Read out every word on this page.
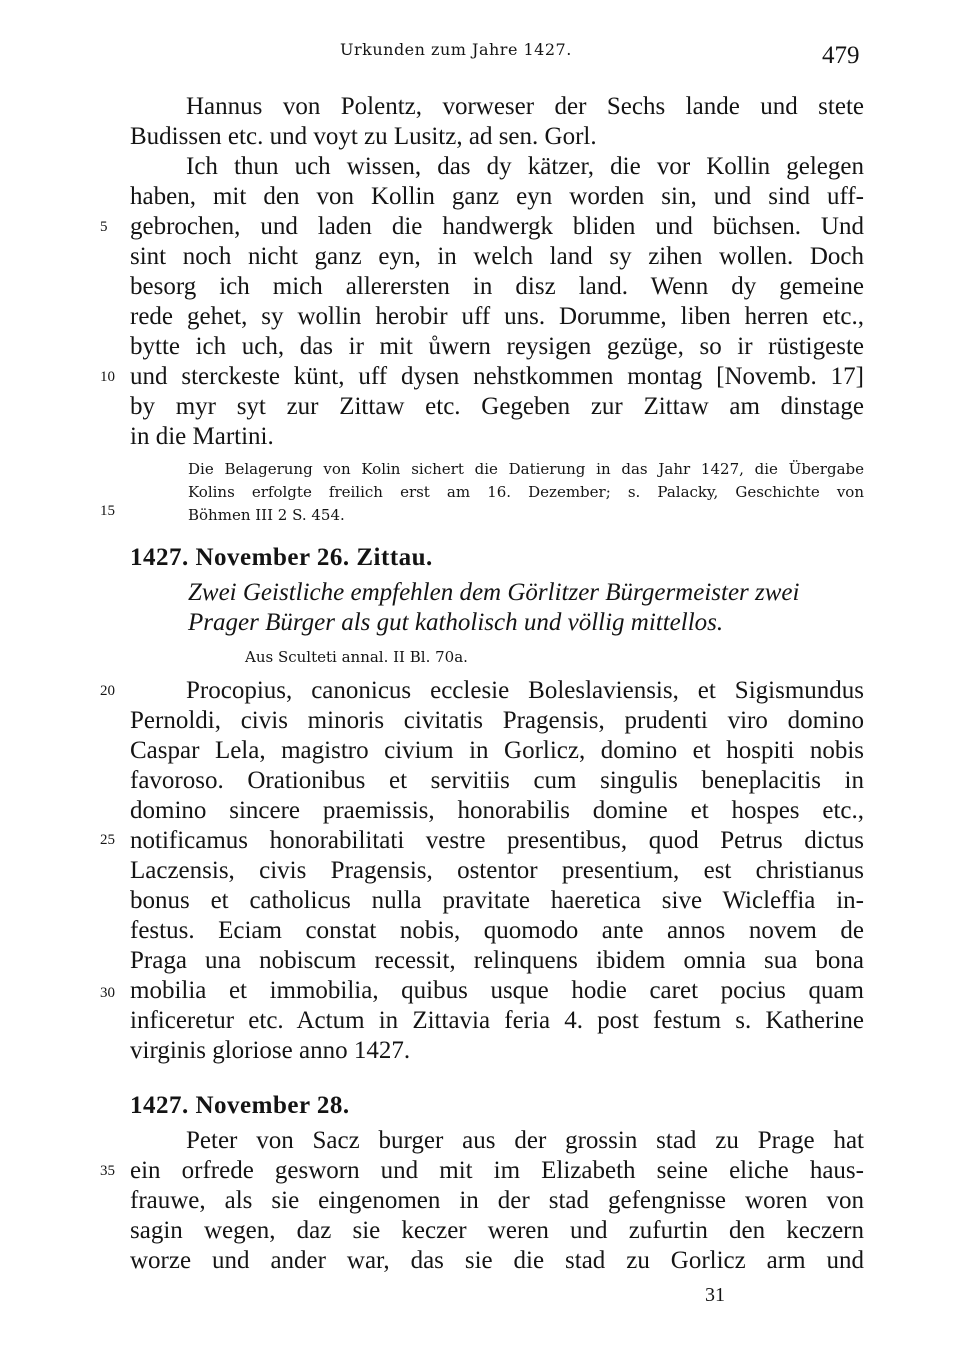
Urkunden zum Jahre 1427.	479
Hannus von Polentz, vorweser der Sechs lande und stete
Budissen etc. und voyt zu Lusitz, ad sen. Gorl.
Ich thun uch wissen, das dy kätzer, die vor Kollin gelegen
haben, mit den von Kollin ganz eyn worden sin, und sind uff-
gebrochen, und laden die handwergk bliden und büchsen. Und
sint noch nicht ganz eyn, in welch land sy zihen wollen. Doch
besorg ich mich allerersten in disz land. Wenn dy gemeine
rede gehet, sy wollin herobir uff uns. Dorumme, liben herren etc.,
bytte ich uch, das ir mit ůwern reysigen gezüge, so ir rüstigeste
und sterckeste künt, uff dysen nehstkommen montag [Novemb. 17]
by myr syt zur Zittaw etc. Gegeben zur Zittaw am dinstage
in die Martini.
Die Belagerung von Kolin sichert die Datierung in das Jahr 1427, die Übergabe
Kolins erfolgte freilich erst am 16. Dezember; s. Palacky, Geschichte von
Böhmen III 2 S. 454.
5
10
15
20
25
30
35
1427. November 26. Zittau.
Zwei Geistliche empfehlen dem Görlitzer Bürgermeister zwei
Prager Bürger als gut katholisch und völlig mittellos.
Aus Sculteti annal. II Bl. 70a.
Procopius, canonicus ecclesie Boleslaviensis, et Sigismundus
Pernoldi, civis minoris civitatis Pragensis, prudenti viro domino
Caspar Lela, magistro civium in Gorlicz, domino et hospiti nobis
favoroso. Orationibus et servitiis cum singulis beneplacitis in
domino sincere praemissis, honorabilis domine et hospes etc.,
notificamus honorabilitati vestre presentibus, quod Petrus dictus
Laczensis, civis Pragensis, ostentor presentium, est christianus
bonus et catholicus nulla pravitate haeretica sive Wicleffia in-
festus. Eciam constat nobis, quomodo ante annos novem de
Praga una nobiscum recessit, relinquens ibidem omnia sua bona
mobilia et immobilia, quibus usque hodie caret pocius quam
inficeretur etc. Actum in Zittavia feria 4. post festum s. Katherine
virginis gloriose anno 1427.
1427. November 28.
Peter von Sacz burger aus der grossin stad zu Prage hat
ein orfrede gesworn und mit im Elizabeth seine eliche haus-
frauwe, als sie eingenomen in der stad gefengnisse woren von
sagin wegen, daz sie keczer weren und zufurtin den keczern
worze und ander war, das sie die stad zu Gorlicz arm und
31
